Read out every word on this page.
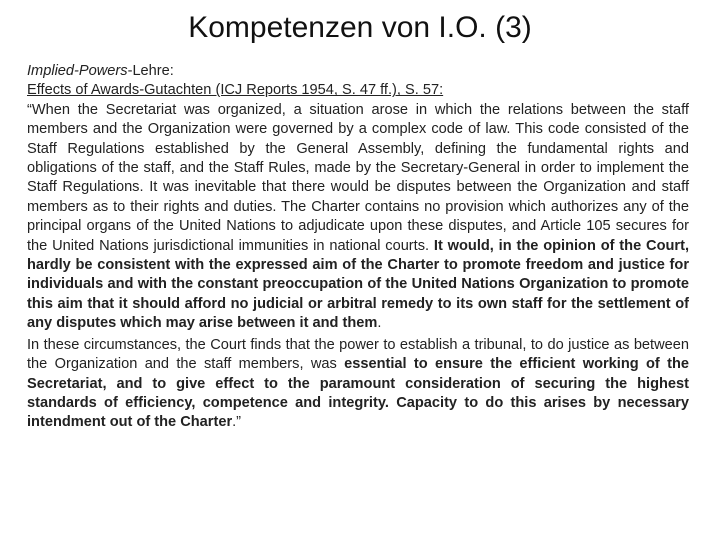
Kompetenzen von I.O. (3)

Implied-Powers-Lehre:

Effects of Awards-Gutachten (ICJ Reports 1954, S. 47 ff.), S. 57:

“When the Secretariat was organized, a situation arose in which the relations between the staff members and the Organization were governed by a complex code of law. This code consisted of the Staff Regulations established by the General Assembly, defining the fundamental rights and obligations of the staff, and the Staff Rules, made by the Secretary-General in order to implement the Staff Regulations. It was inevitable that there would be disputes between the Organization and staff members as to their rights and duties. The Charter contains no provision which authorizes any of the principal organs of the United Nations to adjudicate upon these disputes, and Article 105 secures for the United Nations jurisdictional immunities in national courts. It would, in the opinion of the Court, hardly be consistent with the expressed aim of the Charter to promote freedom and justice for individuals and with the constant preoccupation of the United Nations Organization to promote this aim that it should afford no judicial or arbitral remedy to its own staff for the settlement of any disputes which may arise between it and them.

In these circumstances, the Court finds that the power to establish a tribunal, to do justice as between the Organization and the staff members, was essential to ensure the efficient working of the Secretariat, and to give effect to the paramount consideration of securing the highest standards of efficiency, competence and integrity. Capacity to do this arises by necessary intendment out of the Charter.”
